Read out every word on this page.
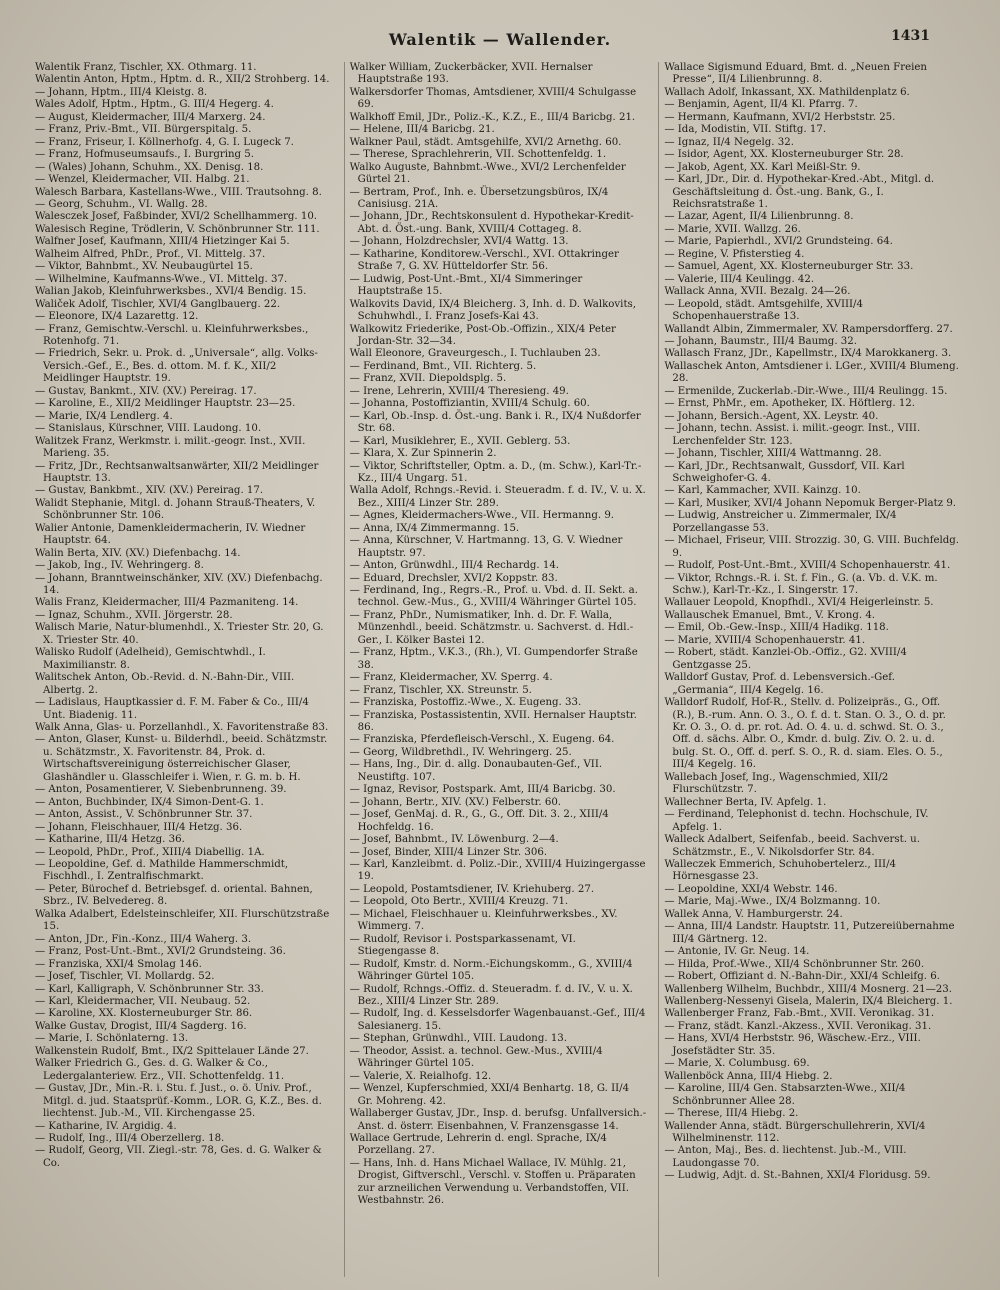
Walentik — Wallender.	1431

Walentik Franz, Tischler, XX. Othmarg. 11.

Walentin Anton, Hptm., Hptm. d. R., XII/2 Strohberg. 14.

— Johann, Hptm., III/4 Kleistg. 8.

Wales Adolf, Hptm., Hptm., G. III/4 Hegerg. 4.

— August, Kleidermacher, III/4 Marxerg. 24.

— Franz, Priv.-Bmt., VII. Bürgerspitalg. 5.

— Franz, Friseur, I. Köllnerhofg. 4, G. I. Lugeck 7.

— Franz, Hofmuseumsaufs., I. Burgring 5.

— (Wales) Johann, Schuhm., XX. Denisg. 18.

— Wenzel, Kleidermacher, VII. Halbg. 21.

Walesch Barbara, Kastellans-Wwe., VIII. Trautsohng. 8.

— Georg, Schuhm., VI. Wallg. 28.

Walesczek Josef, Faßbinder, XVI/2 Schellhammerg. 10.

Walesisch Regine, Trödlerin, V. Schönbrunner Str. 111.

Walfner Josef, Kaufmann, XIII/4 Hietzinger Kai 5.

Walheim Alfred, PhDr., Prof., VI. Mittelg. 37.

— Viktor, Bahnbmt., XV. Neubaugürtel 15.

— Wilhelmine, Kaufmanns-Wwe., VI. Mittelg. 37.

Walian Jakob, Kleinfuhrwerksbes., XVI/4 Bendig. 15.

Waliček Adolf, Tischler, XVI/4 Ganglbauerg. 22.

— Eleonore, IX/4 Lazarettg. 12.

— Franz, Gemischtw.-Verschl. u. Kleinfuhrwerksbes., Rotenhofg. 71.

— Friedrich, Sekr. u. Prok. d. „Universale“, allg. Volks-Versich.-Gef., E., Bes. d. ottom. M. f. K., XII/2 Meidlinger Hauptstr. 19.

— Gustav, Bankmt., XIV. (XV.) Pereirag. 17.

— Karoline, E., XII/2 Meidlinger Hauptstr. 23—25.

— Marie, IX/4 Lendlerg. 4.

— Stanislaus, Kürschner, VIII. Laudong. 10.

Walitzek Franz, Werkmstr. i. milit.-geogr. Inst., XVII. Marieng. 35.

— Fritz, JDr., Rechtsanwaltsanwärter, XII/2 Meidlinger Hauptstr. 13.

— Gustav, Bankbmt., XIV. (XV.) Pereirag. 17.

Walidt Stephanie, Mitgl. d. Johann Strauß-Theaters, V. Schönbrunner Str. 106.

Walier Antonie, Damenkleidermacherin, IV. Wiedner Hauptstr. 64.

Walin Berta, XIV. (XV.) Diefenbachg. 14.

— Jakob, Ing., IV. Wehringerg. 8.

— Johann, Branntweinschänker, XIV. (XV.) Diefenbachg. 14.

Walis Franz, Kleidermacher, III/4 Pazmaniteng. 14.

— Ignaz, Schuhm., XVII. Jörgerstr. 28.

Walisch Marie, Natur-blumenhdl., X. Triester Str. 20, G. X. Triester Str. 40.

Walisko Rudolf (Adelheid), Gemischtwhdl., I. Maximilianstr. 8.

Walitschek Anton, Ob.-Revid. d. N.-Bahn-Dir., VIII. Albertg. 2.

— Ladislaus, Hauptkassier d. F. M. Faber & Co., III/4 Unt. Biadenig. 11.

Walk Anna, Glas- u. Porzellanhdl., X. Favoritenstraße 83.

— Anton, Glaser, Kunst- u. Bilderhdl., beeid. Schätzmstr. u. Schätzmstr., X. Favoritenstr. 84, Prok. d. Wirtschaftsvereinigung österreichischer Glaser, Glashändler u. Glasschleifer i. Wien, r. G. m. b. H.

— Anton, Posamentierer, V. Siebenbrunneng. 39.

— Anton, Buchbinder, IX/4 Simon-Dent-G. 1.

— Anton, Assist., V. Schönbrunner Str. 37.

— Johann, Fleischhauer, III/4 Hetzg. 36.

— Katharine, III/4 Hetzg. 36.

— Leopold, PhDr., Prof., XIII/4 Diabellig. 1A.

— Leopoldine, Gef. d. Mathilde Hammerschmidt, Fischhdl., I. Zentralfischmarkt.

— Peter, Bürochef d. Betriebsgef. d. oriental. Bahnen, Sbrz., IV. Belvedereg. 8.

Walka Adalbert, Edelsteinschleifer, XII. Flurschützstraße 15.

— Anton, JDr., Fin.-Konz., III/4 Waherg. 3.

— Franz, Post-Unt.-Bmt., XVI/2 Grundsteing. 36.

— Franziska, XXI/4 Smolag 146.

— Josef, Tischler, VI. Mollardg. 52.

— Karl, Kalligraph, V. Schönbrunner Str. 33.

— Karl, Kleidermacher, VII. Neubaug. 52.

— Karoline, XX. Klosterneuburger Str. 86.

Walke Gustav, Drogist, III/4 Sagderg. 16.

— Marie, I. Schönlaterng. 13.

Walkenstein Rudolf, Bmt., IX/2 Spittelauer Lände 27.

Walker Friedrich G., Ges. d. G. Walker & Co., Ledergalanteriew. Erz., VII. Schottenfeldg. 11.

— Gustav, JDr., Min.-R. i. Stu. f. Just., o. ö. Univ. Prof., Mitgl. d. jud. Staatsprüf.-Komm., LOR. G, K.Z., Bes. d. liechtenst. Jub.-M., VII. Kirchengasse 25.

— Katharine, IV. Argidig. 4.

— Rudolf, Ing., III/4 Oberzellerg. 18.

— Rudolf, Georg, VII. Ziegl.-str. 78, Ges. d. G. Walker & Co.

Walker William, Zuckerbäcker, XVII. Hernalser Hauptstraße 193.

Walkersdorfer Thomas, Amtsdiener, XVIII/4 Schulgasse 69.

Walkhoff Emil, JDr., Poliz.-K., K.Z., E., III/4 Baricbg. 21.

— Helene, III/4 Baricbg. 21.

Walkner Paul, städt. Amtsgehilfe, XVI/2 Arnethg. 60.

— Therese, Sprachlehrerin, VII. Schottenfeldg. 1.

Walko Auguste, Bahnbmt.-Wwe., XVI/2 Lerchenfelder Gürtel 21.

— Bertram, Prof., Inh. e. Übersetzungsbüros, IX/4 Canisiusg. 21A.

— Johann, JDr., Rechtskonsulent d. Hypothekar-Kredit-Abt. d. Öst.-ung. Bank, XVIII/4 Cottageg. 8.

— Johann, Holzdrechsler, XVI/4 Wattg. 13.

— Katharine, Konditorew.-Verschl., XVI. Ottakringer Straße 7, G. XV. Hütteldorfer Str. 56.

— Ludwig, Post-Unt.-Bmt., XI/4 Simmeringer Hauptstraße 15.

Walkovits David, IX/4 Bleicherg. 3, Inh. d. D. Walkovits, Schuhwhdl., I. Franz Josefs-Kai 43.

Walkowitz Friederike, Post-Ob.-Offizin., XIX/4 Peter Jordan-Str. 32—34.

Wall Eleonore, Graveurgesch., I. Tuchlauben 23.

— Ferdinand, Bmt., VII. Richterg. 5.

— Franz, XVII. Diepoldsplg. 5.

— Irene, Lehrerin, XVIII/4 Theresieng. 49.

— Johanna, Postoffiziantin, XVIII/4 Schulg. 60.

— Karl, Ob.-Insp. d. Öst.-ung. Bank i. R., IX/4 Nußdorfer Str. 68.

— Karl, Musiklehrer, E., XVII. Geblerg. 53.

— Klara, X. Zur Spinnerin 2.

— Viktor, Schriftsteller, Optm. a. D., (m. Schw.), Karl-Tr.-Kz., III/4 Ungarg. 51.

Walla Adolf, Rchngs.-Revid. i. Steueradm. f. d. IV., V. u. X. Bez., XIII/4 Linzer Str. 289.

— Agnes, Kleidermachers-Wwe., VII. Hermanng. 9.

— Anna, IX/4 Zimmermanng. 15.

— Anna, Kürschner, V. Hartmanng. 13, G. V. Wiedner Hauptstr. 97.

— Anton, Grünwdhl., III/4 Rechardg. 14.

— Eduard, Drechsler, XVI/2 Koppstr. 83.

— Ferdinand, Ing., Regrs.-R., Prof. u. Vbd. d. II. Sekt. a. technol. Gew.-Mus., G., XVIII/4 Währinger Gürtel 105.

— Franz, PhDr., Numismatiker, Inh. d. Dr. F. Walla, Münzenhdl., beeid. Schätzmstr. u. Sachverst. d. Hdl.-Ger., I. Kölker Bastei 12.

— Franz, Hptm., V.K.3., (Rh.), VI. Gumpendorfer Straße 38.

— Franz, Kleidermacher, XV. Sperrg. 4.

— Franz, Tischler, XX. Streunstr. 5.

— Franziska, Postoffiz.-Wwe., X. Eugeng. 33.

— Franziska, Postassistentin, XVII. Hernalser Hauptstr. 86.

— Franziska, Pferdefleisch-Verschl., X. Eugeng. 64.

— Georg, Wildbrethdl., IV. Wehringerg. 25.

— Hans, Ing., Dir. d. allg. Donaubauten-Gef., VII. Neustiftg. 107.

— Ignaz, Revisor, Postspark. Amt, III/4 Baricbg. 30.

— Johann, Bertr., XIV. (XV.) Felberstr. 60.

— Josef, GenMaj. d. R., G., G., Off. Dit. 3. 2., XIII/4 Hochfeldg. 16.

— Josef, Bahnbmt., IV. Löwenburg. 2—4.

— Josef, Binder, XIII/4 Linzer Str. 306.

— Karl, Kanzleibmt. d. Poliz.-Dir., XVIII/4 Huizingergasse 19.

— Leopold, Postamtsdiener, IV. Kriehuberg. 27.

— Leopold, Oto Bertr., XVIII/4 Kreuzg. 71.

— Michael, Fleischhauer u. Kleinfuhrwerksbes., XV. Wimmerg. 7.

— Rudolf, Revisor i. Postsparkassenamt, VI. Stiegengasse 8.

— Rudolf, Kmstr. d. Norm.-Eichungskomm., G., XVIII/4 Währinger Gürtel 105.

— Rudolf, Rchngs.-Offiz. d. Steueradm. f. d. IV., V. u. X. Bez., XIII/4 Linzer Str. 289.

— Rudolf, Ing. d. Kesselsdorfer Wagenbauanst.-Gef., III/4 Salesianerg. 15.

— Stephan, Grünwdhl., VIII. Laudong. 13.

— Theodor, Assist. a. technol. Gew.-Mus., XVIII/4 Währinger Gürtel 105.

— Valerie, X. Reialhofg. 12.

— Wenzel, Kupferschmied, XXI/4 Benhartg. 18, G. II/4 Gr. Mohreng. 42.

Wallaberger Gustav, JDr., Insp. d. berufsg. Unfallversich.-Anst. d. österr. Eisenbahnen, V. Franzensgasse 14.

Wallace Gertrude, Lehrerin d. engl. Sprache, IX/4 Porzellang. 27.

— Hans, Inh. d. Hans Michael Wallace, IV. Mühlg. 21, Drogist, Giftverschl., Verschl. v. Stoffen u. Präparaten zur arzneilichen Verwendung u. Verbandstoffen, VII. Westbahnstr. 26.

Wallace Sigismund Eduard, Bmt. d. „Neuen Freien Presse“, II/4 Lilienbrunng. 8.

Wallach Adolf, Inkassant, XX. Mathildenplatz 6.

— Benjamin, Agent, II/4 Kl. Pfarrg. 7.

— Hermann, Kaufmann, XVI/2 Herbststr. 25.

— Ida, Modistin, VII. Stiftg. 17.

— Ignaz, II/4 Negelg. 32.

— Isidor, Agent, XX. Klosterneuburger Str. 28.

— Jakob, Agent, XX. Karl Meißl-Str. 9.

— Karl, JDr., Dir. d. Hypothekar-Kred.-Abt., Mitgl. d. Geschäftsleitung d. Öst.-ung. Bank, G., I. Reichsratstraße 1.

— Lazar, Agent, II/4 Lilienbrunng. 8.

— Marie, XVII. Wallzg. 26.

— Marie, Papierhdl., XVI/2 Grundsteing. 64.

— Regine, V. Pfisterstieg 4.

— Samuel, Agent, XX. Klosterneuburger Str. 33.

— Valerie, III/4 Keulingg. 42.

Wallack Anna, XVII. Bezalg. 24—26.

— Leopold, städt. Amtsgehilfe, XVIII/4 Schopenhauerstraße 13.

Wallandt Albin, Zimmermaler, XV. Rampersdorfferg. 27.

— Johann, Baumstr., III/4 Baumg. 32.

Wallasch Franz, JDr., Kapellmstr., IX/4 Marokkanerg. 3.

Wallaschek Anton, Amtsdiener i. LGer., XVIII/4 Blumeng. 28.

— Ermenilde, Zuckerlab.-Dir.-Wwe., III/4 Reulingg. 15.

— Ernst, PhMr., em. Apotheker, IX. Höftlerg. 12.

— Johann, Bersich.-Agent, XX. Leystr. 40.

— Johann, techn. Assist. i. milit.-geogr. Inst., VIII. Lerchenfelder Str. 123.

— Johann, Tischler, XIII/4 Wattmanng. 28.

— Karl, JDr., Rechtsanwalt, Gussdorf, VII. Karl Schweighofer-G. 4.

— Karl, Kammacher, XVII. Kainzg. 10.

— Karl, Musiker, XVI/4 Johann Nepomuk Berger-Platz 9.

— Ludwig, Anstreicher u. Zimmermaler, IX/4 Porzellangasse 53.

— Michael, Friseur, VIII. Strozzig. 30, G. VIII. Buchfeldg. 9.

— Rudolf, Post-Unt.-Bmt., XVIII/4 Schopenhauerstr. 41.

— Viktor, Rchngs.-R. i. St. f. Fin., G. (a. Vb. d. V.K. m. Schw.), Karl-Tr.-Kz., I. Singerstr. 17.

Wallauer Leopold, Knopfhdl., XVI/4 Heigerleinstr. 5.

Wallauschek Emanuel, Bmt., V. Krong. 4.

— Emil, Ob.-Gew.-Insp., XIII/4 Hadikg. 118.

— Marie, XVIII/4 Schopenhauerstr. 41.

— Robert, städt. Kanzlei-Ob.-Offiz., G2. XVIII/4 Gentzgasse 25.

Walldorf Gustav, Prof. d. Lebensversich.-Gef. „Germania“, III/4 Kegelg. 16.

Walldorf Rudolf, Hof-R., Stellv. d. Polizeipräs., G., Off. (R.), B.-rum. Ann. O. 3., O. f. d. t. Stan. O. 3., O. d. pr. Kr. O. 3., O. d. pr. rot. Ad. O. 4. u. d. schwd. St. O. 3., Off. d. sächs. Albr. O., Kmdr. d. bulg. Ziv. O. 2. u. d. bulg. St. O., Off. d. perf. S. O., R. d. siam. Eles. O. 5., III/4 Kegelg. 16.

Wallebach Josef, Ing., Wagenschmied, XII/2 Flurschützstr. 7.

Wallechner Berta, IV. Apfelg. 1.

— Ferdinand, Telephonist d. techn. Hochschule, IV. Apfelg. 1.

Walleck Adalbert, Seifenfab., beeid. Sachverst. u. Schätzmstr., E., V. Nikolsdorfer Str. 84.

Walleczek Emmerich, Schuhobertelerz., III/4 Hörnesgasse 23.

— Leopoldine, XXI/4 Webstr. 146.

— Marie, Maj.-Wwe., IX/4 Bolzmanng. 10.

Wallek Anna, V. Hamburgerstr. 24.

— Anna, III/4 Landstr. Hauptstr. 11, Putzereiübernahme III/4 Gärtnerg. 12.

— Antonie, IV. Gr. Neug. 14.

— Hilda, Prof.-Wwe., XII/4 Schönbrunner Str. 260.

— Robert, Offiziant d. N.-Bahn-Dir., XXI/4 Schleifg. 6.

Wallenberg Wilhelm, Buchbdr., XIII/4 Mosnerg. 21—23.

Wallenberg-Nessenyi Gisela, Malerin, IX/4 Bleicherg. 1.

Wallenberger Franz, Fab.-Bmt., XVII. Veronikag. 31.

— Franz, städt. Kanzl.-Akzess., XVII. Veronikag. 31.

— Hans, XVI/4 Herbststr. 96, Wäschew.-Erz., VIII. Josefstädter Str. 35.

— Marie, X. Columbusg. 69.

Wallenböck Anna, III/4 Hiebg. 2.

— Karoline, III/4 Gen. Stabsarzten-Wwe., XII/4 Schönbrunner Allee 28.

— Therese, III/4 Hiebg. 2.

Wallender Anna, städt. Bürgerschullehrerin, XVI/4 Wilhelminenstr. 112.

— Anton, Maj., Bes. d. liechtenst. Jub.-M., VIII. Laudongasse 70.

— Ludwig, Adjt. d. St.-Bahnen, XXI/4 Floridusg. 59.
